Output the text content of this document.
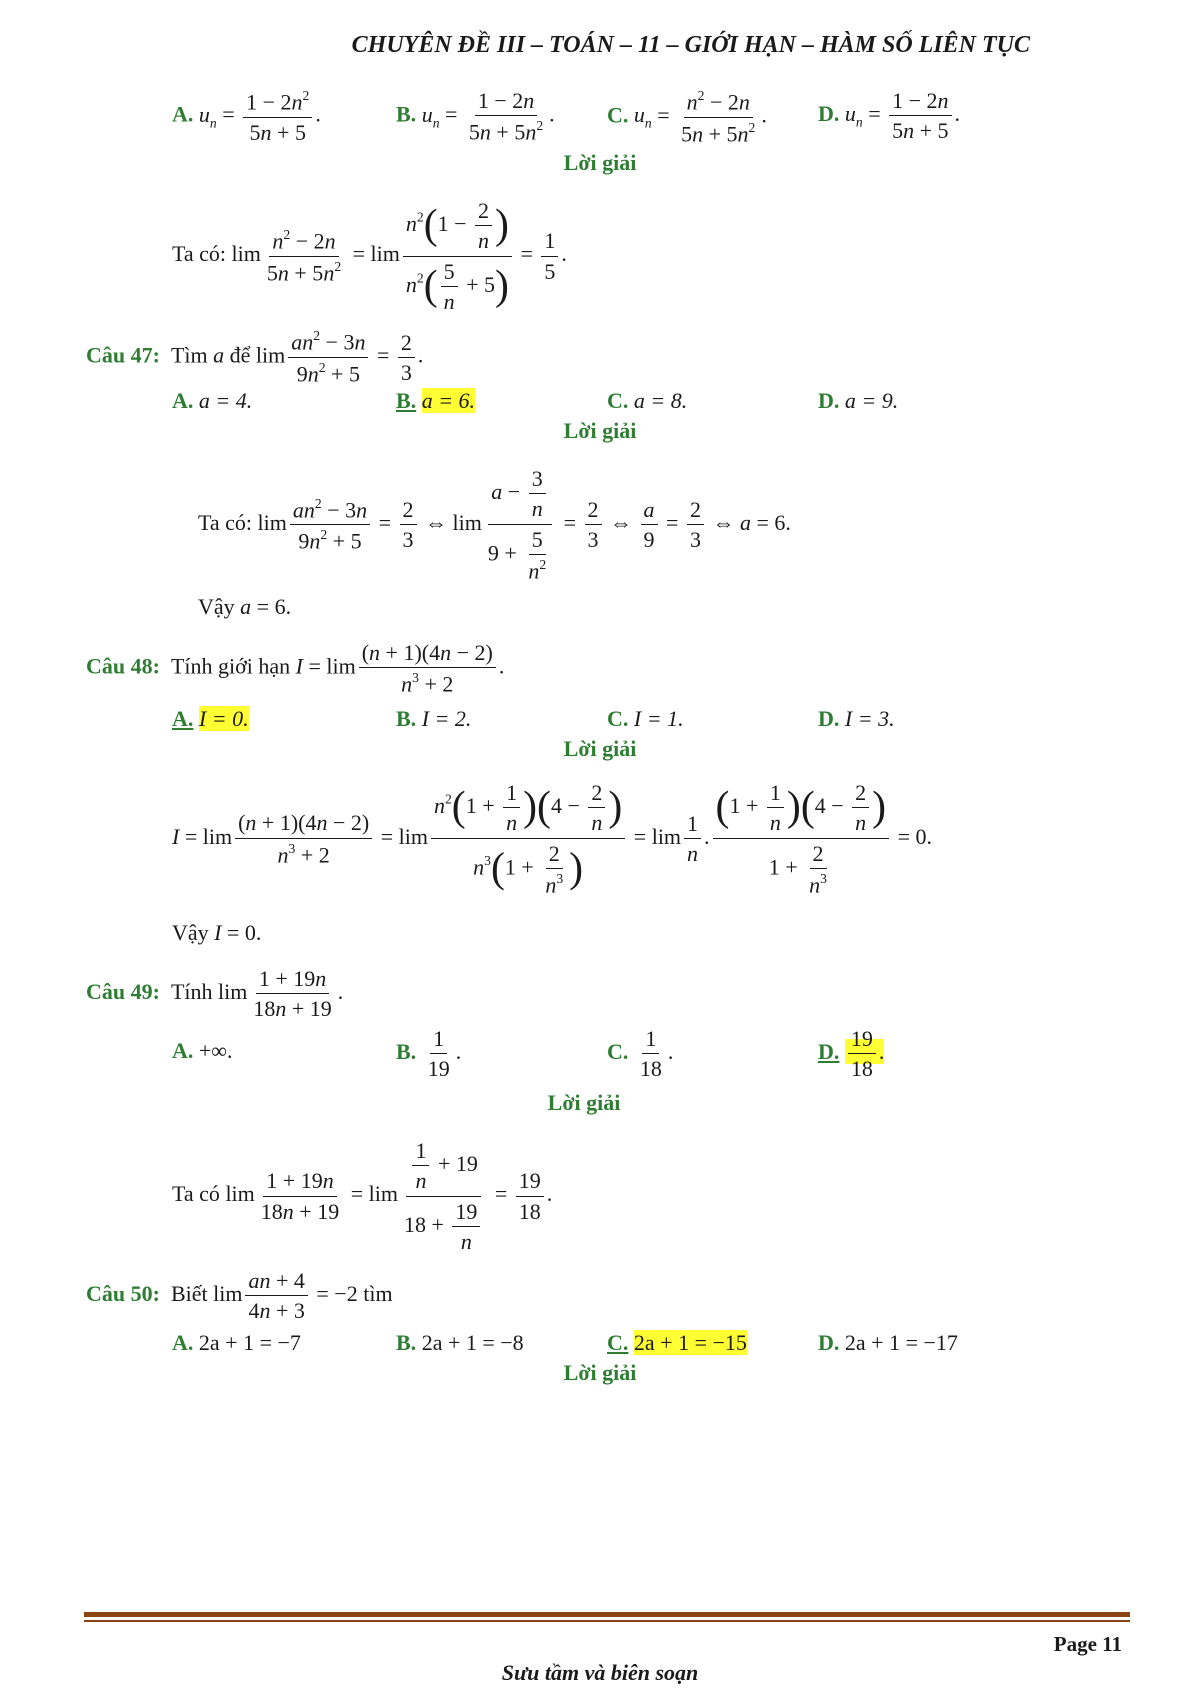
CHUYÊN ĐỀ III – TOÁN – 11 – GIỚI HẠN – HÀM SỐ LIÊN TỤC
A. $u_n = \frac{1 - 2n^2}{5n + 5}$ .	B. $u_n = \frac{1 - 2n}{5n + 5n^2}$ . C. $u_n = \frac{n^2 - 2n}{5n + 5n^2}$ . D. $u_n = \frac{1 - 2n}{5n + 5}$ .
Lời giải
Ta có: $\lim \frac{n^2 - 2n}{5n + 5n^2} = \lim \frac{n^2(1 - \frac{2}{n} )}{n^2( \frac{5}{n} + 5)} = \frac{1}{5}$ .
Câu 47: Tìm a để $\lim \frac{an^2 - 3n}{9n^2 + 5} = \frac{2}{3}$ .
A. a = 4.	B. a = 6.	C. a = 8.	D. a = 9.
Lời giải
Ta có: $\lim \frac{an^2 - 3n}{9n^2 + 5} = \frac{2}{3}$ ⇔ $\lim \frac{a - \frac{3}{n}}{9 + \frac{5}{n^2}} = \frac{2}{3}$ ⇔ $\frac{a}{9} = \frac{2}{3}$ ⇔ a = 6.
Vậy a = 6.
Câu 48: Tính giới hạn $I = \lim \frac{(n + 1)(4n - 2)}{n^3 + 2}$ .
A. I = 0.	B. I = 2.	C. I = 1.	D. I = 3.
Lời giải
$I = \lim \frac{(n + 1)(4n - 2)}{n^3 + 2} = \lim \frac{n^2(1 + \frac{1}{n} )(4 - \frac{2}{n} )}{n^3(1 + \frac{2}{n^3} )} = \lim \frac{1}{n}$ . $\frac{(1 + \frac{1}{n} )(4 - \frac{2}{n} )}{1 + \frac{2}{n^3}} = 0$.
Vậy I = 0.
Câu 49: Tính $\lim \frac{1 + 19n}{18n + 19}$ .
A. +∞.	B. $\frac{1}{19}$ .	C. $\frac{1}{18}$ .	D. $\frac{19}{18}$ .
Lời giải
Ta có $\lim \frac{1 + 19n}{18n + 19} = \lim \frac{\frac{1}{n} + 19}{18 + \frac{19}{n}} = \frac{19}{18}$ .
Câu 50: Biết $\lim \frac{an + 4}{4n + 3} = -2$ tìm
A. 2a + 1 = −7	B. 2a + 1 = −8	C. 2a + 1 = −15	D. 2a + 1 = −17
Lời giải
Page 11
Sưu tầm và biên soạn
